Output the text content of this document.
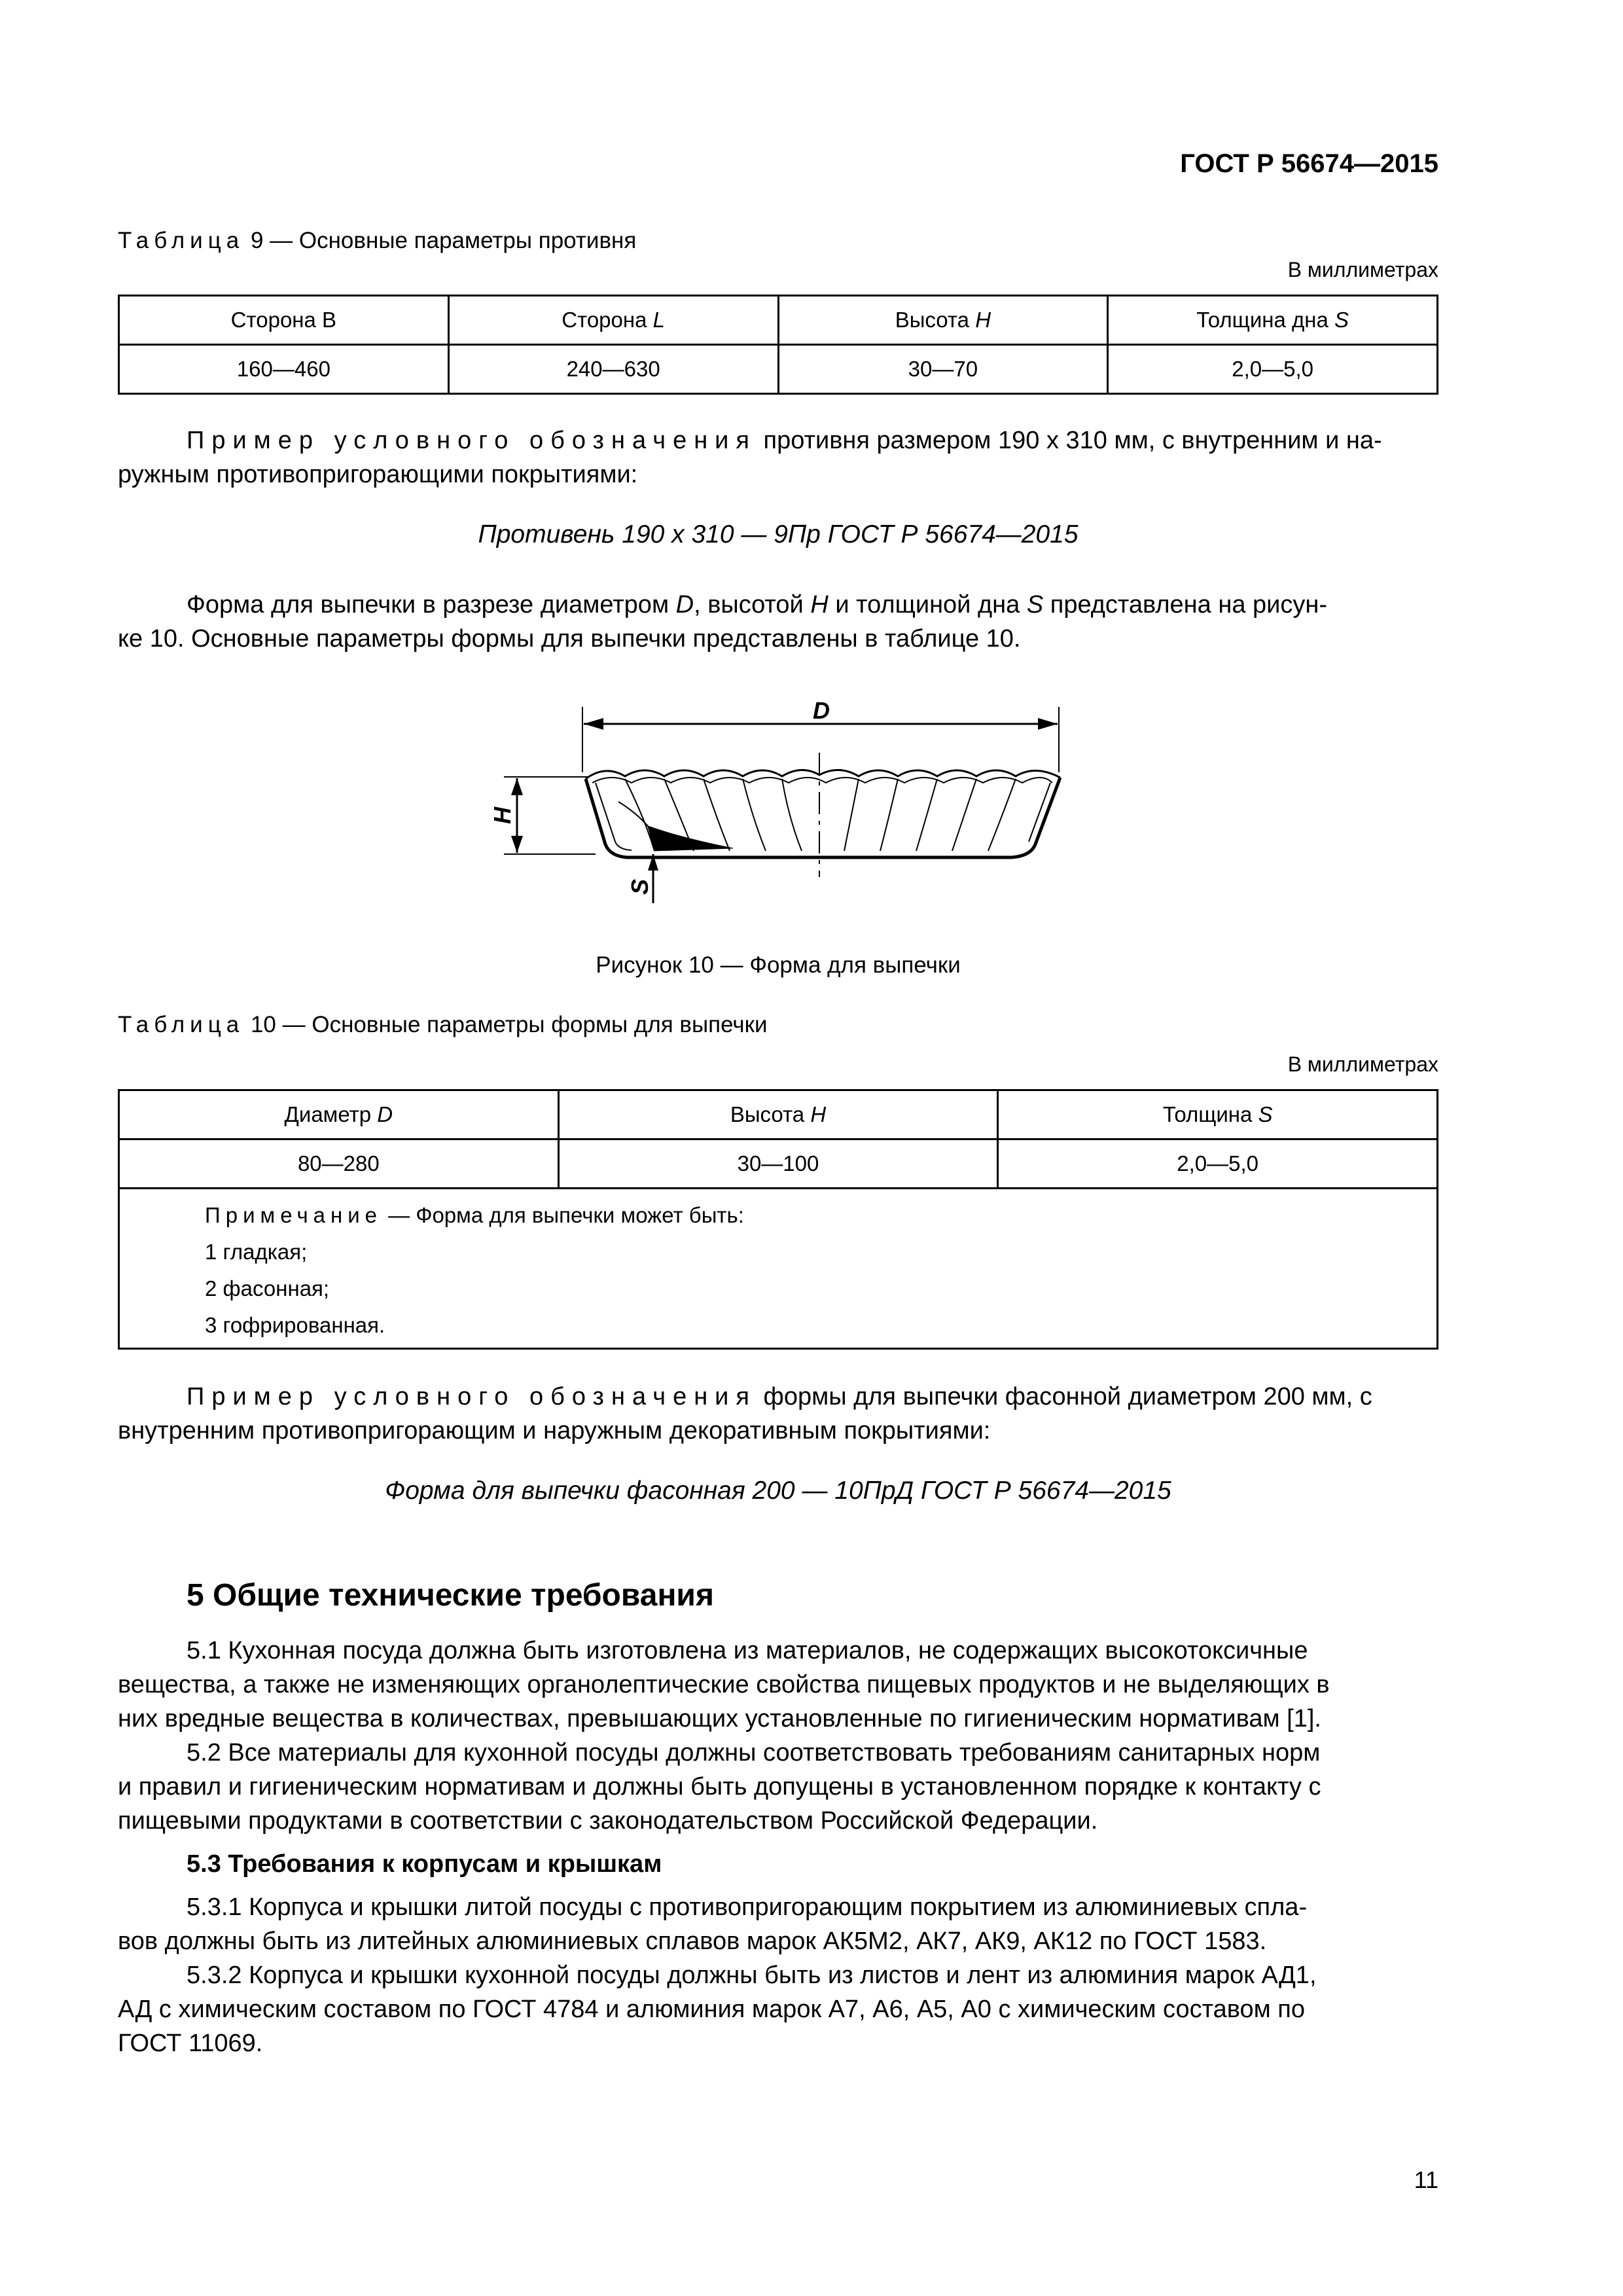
ГОСТ Р 56674—2015
Таблица 9 — Основные параметры противня
В миллиметрах
Сторона В	Сторона L	Высота H	Толщина дна S
160—460	240—630	30—70	2,0—5,0

Пример условного обозначения противня размером 190 x 310 мм, с внутренним и на-

ружным противопригорающими покрытиями:

Противень 190 x 310 — 9Пр ГОСТ Р 56674—2015

Форма для выпечки в разрезе диаметром D, высотой H и толщиной дна S представлена на рисун-

ке 10. Основные параметры формы для выпечки представлены в таблице 10.

D
H
S
Рисунок 10 — Форма для выпечки
Таблица 10 — Основные параметры формы для выпечки
В миллиметрах
Диаметр D	Высота H	Толщина S
80—280	30—100	2,0—5,0

Примечание — Форма для выпечки может быть:
1 гладкая;
2 фасонная;
3 гофрированная.		

Пример условного обозначения формы для выпечки фасонной диаметром 200 мм, с

внутренним противопригорающим и наружным декоративным покрытиями:

Форма для выпечки фасонная 200 — 10ПрД ГОСТ Р 56674—2015
5 Общие технические требования

5.1 Кухонная посуда должна быть изготовлена из материалов, не содержащих высокотоксичные

вещества, а также не изменяющих органолептические свойства пищевых продуктов и не выделяющих в

них вредные вещества в количествах, превышающих установленные по гигиеническим нормативам [1].

5.2 Все материалы для кухонной посуды должны соответствовать требованиям санитарных норм

и правил и гигиеническим нормативам и должны быть допущены в установленном порядке к контакту с

пищевыми продуктами в соответствии с законодательством Российской Федерации.

5.3 Требования к корпусам и крышкам

5.3.1 Корпуса и крышки литой посуды с противопригорающим покрытием из алюминиевых спла-

вов должны быть из литейных алюминиевых сплавов марок АК5М2, АК7, АК9, АК12 по ГОСТ 1583.

5.3.2 Корпуса и крышки кухонной посуды должны быть из листов и лент из алюминия марок АД1,

АД с химическим составом по ГОСТ 4784 и алюминия марок А7, А6, А5, А0 с химическим составом по

ГОСТ 11069.

11
